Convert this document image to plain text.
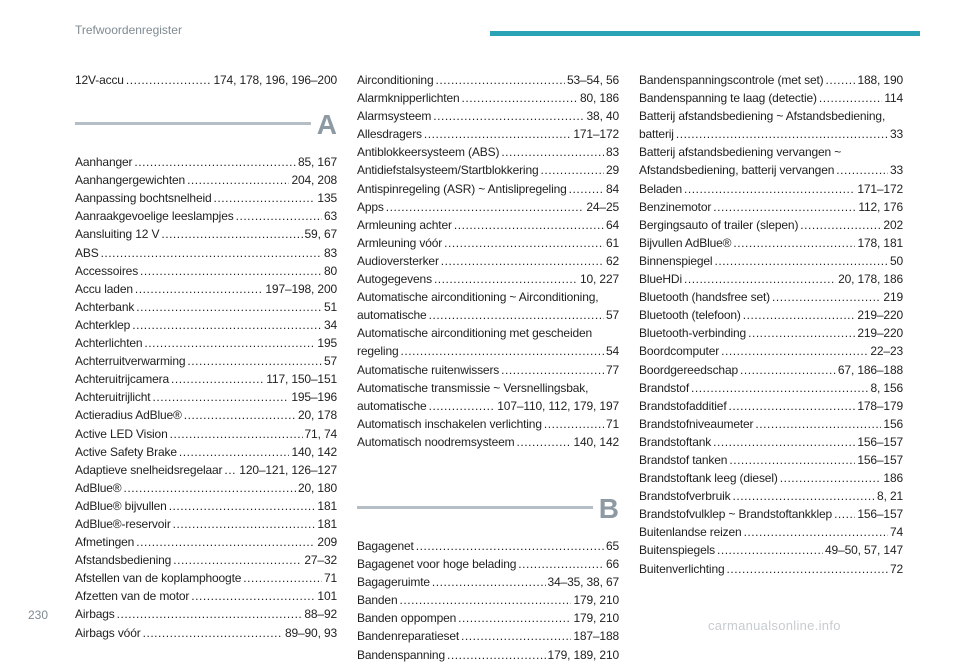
Trefwoordenregister
12V-accu . . .	174, 178, 196, 196–200
A
Aanhanger . . .	85, 167
Aanhangergewichten . . .	204, 208
Aanpassing bochtsnelheid . . .	135
Aanraakgevoelige leeslampjes . . .	63
Aansluiting 12 V . . .	59, 67
ABS . . .	83
Accessoires . . .	80
Accu laden . . .	197–198, 200
Achterbank . . .	51
Achterklep . . .	34
Achterlichten . . .	195
Achterruitverwarming . . .	57
Achteruitrijcamera . . .	117, 150–151
Achteruitrijlicht . . .	195–196
Actieradius AdBlue® . . .	20, 178
Active LED Vision . . .	71, 74
Active Safety Brake . . .	140, 142
Adaptieve snelheidsregelaar . . . 120–121, 126–127
AdBlue® . . .	20, 180
AdBlue® bijvullen . . .	181
AdBlue®-reservoir . . .	181
Afmetingen . . .	209
Afstandsbediening . . .	27–32
Afstellen van de koplamphoogte . . .	71
Afzetten van de motor . . .	101
Airbags . . .	88–92
Airbags vóór . . .	89–90, 93
Airconditioning . . .	53–54, 56
Alarmknipperlichten . . .	80, 186
Alarmsysteem . . .	38, 40
Allesdragers . . .	171–172
Antiblokkeersysteem (ABS) . . .	83
Antidiefstalsysteem/Startblokkering . . .	29
Antispinregeling (ASR) ~ Antislipregeling . . .	84
Apps . . .	24–25
Armleuning achter . . .	64
Armleuning vóór . . .	61
Audioversterker . . .	62
Autogegevens . . .	10, 227
Automatische airconditioning ~ Airconditioning,
automatische . . .	57
Automatische airconditioning met gescheiden
regeling . . .	54
Automatische ruitenwissers . . .	77
Automatische transmissie ~ Versnellingsbak,
automatische . . .	107–110, 112, 179, 197
Automatisch inschakelen verlichting . . .	71
Automatisch noodremsysteem . . .	140, 142
B
Bagagenet . . .	65
Bagagenet voor hoge belading . . .	66
Bagageruimte . . .	34–35, 38, 67
Banden . . .	179, 210
Banden oppompen . . .	179, 210
Bandenreparatieset . . .	187–188
Bandenspanning . . .	179, 189, 210
Bandenspanningscontrole (met set) . . .	188, 190
Bandenspanning te laag (detectie) . . .	114
Batterij afstandsbediening ~ Afstandsbediening,
batterij . . .	33
Batterij afstandsbediening vervangen ~
Afstandsbediening, batterij vervangen . . .	33
Beladen . . .	171–172
Benzinemotor . . .	112, 176
Bergingsauto of trailer (slepen) . . .	202
Bijvullen AdBlue® . . .	178, 181
Binnenspiegel . . .	50
BlueHDi . . .	20, 178, 186
Bluetooth (handsfree set) . . .	219
Bluetooth (telefoon) . . .	219–220
Bluetooth-verbinding . . .	219–220
Boordcomputer . . .	22–23
Boordgereedschap . . .	67, 186–188
Brandstof . . .	8, 156
Brandstofadditief . . .	178–179
Brandstofniveaumeter . . .	156
Brandstoftank . . .	156–157
Brandstof tanken . . .	156–157
Brandstoftank leeg (diesel) . . .	186
Brandstofverbruik . . .	8, 21
Brandstofvulklep ~ Brandstoftankklep . . . 156–157
Buitenlandse reizen . . .	74
Buitenspiegels . . .	49–50, 57, 147
Buitenverlichting . . .	72
230
carmanualsonline.info
